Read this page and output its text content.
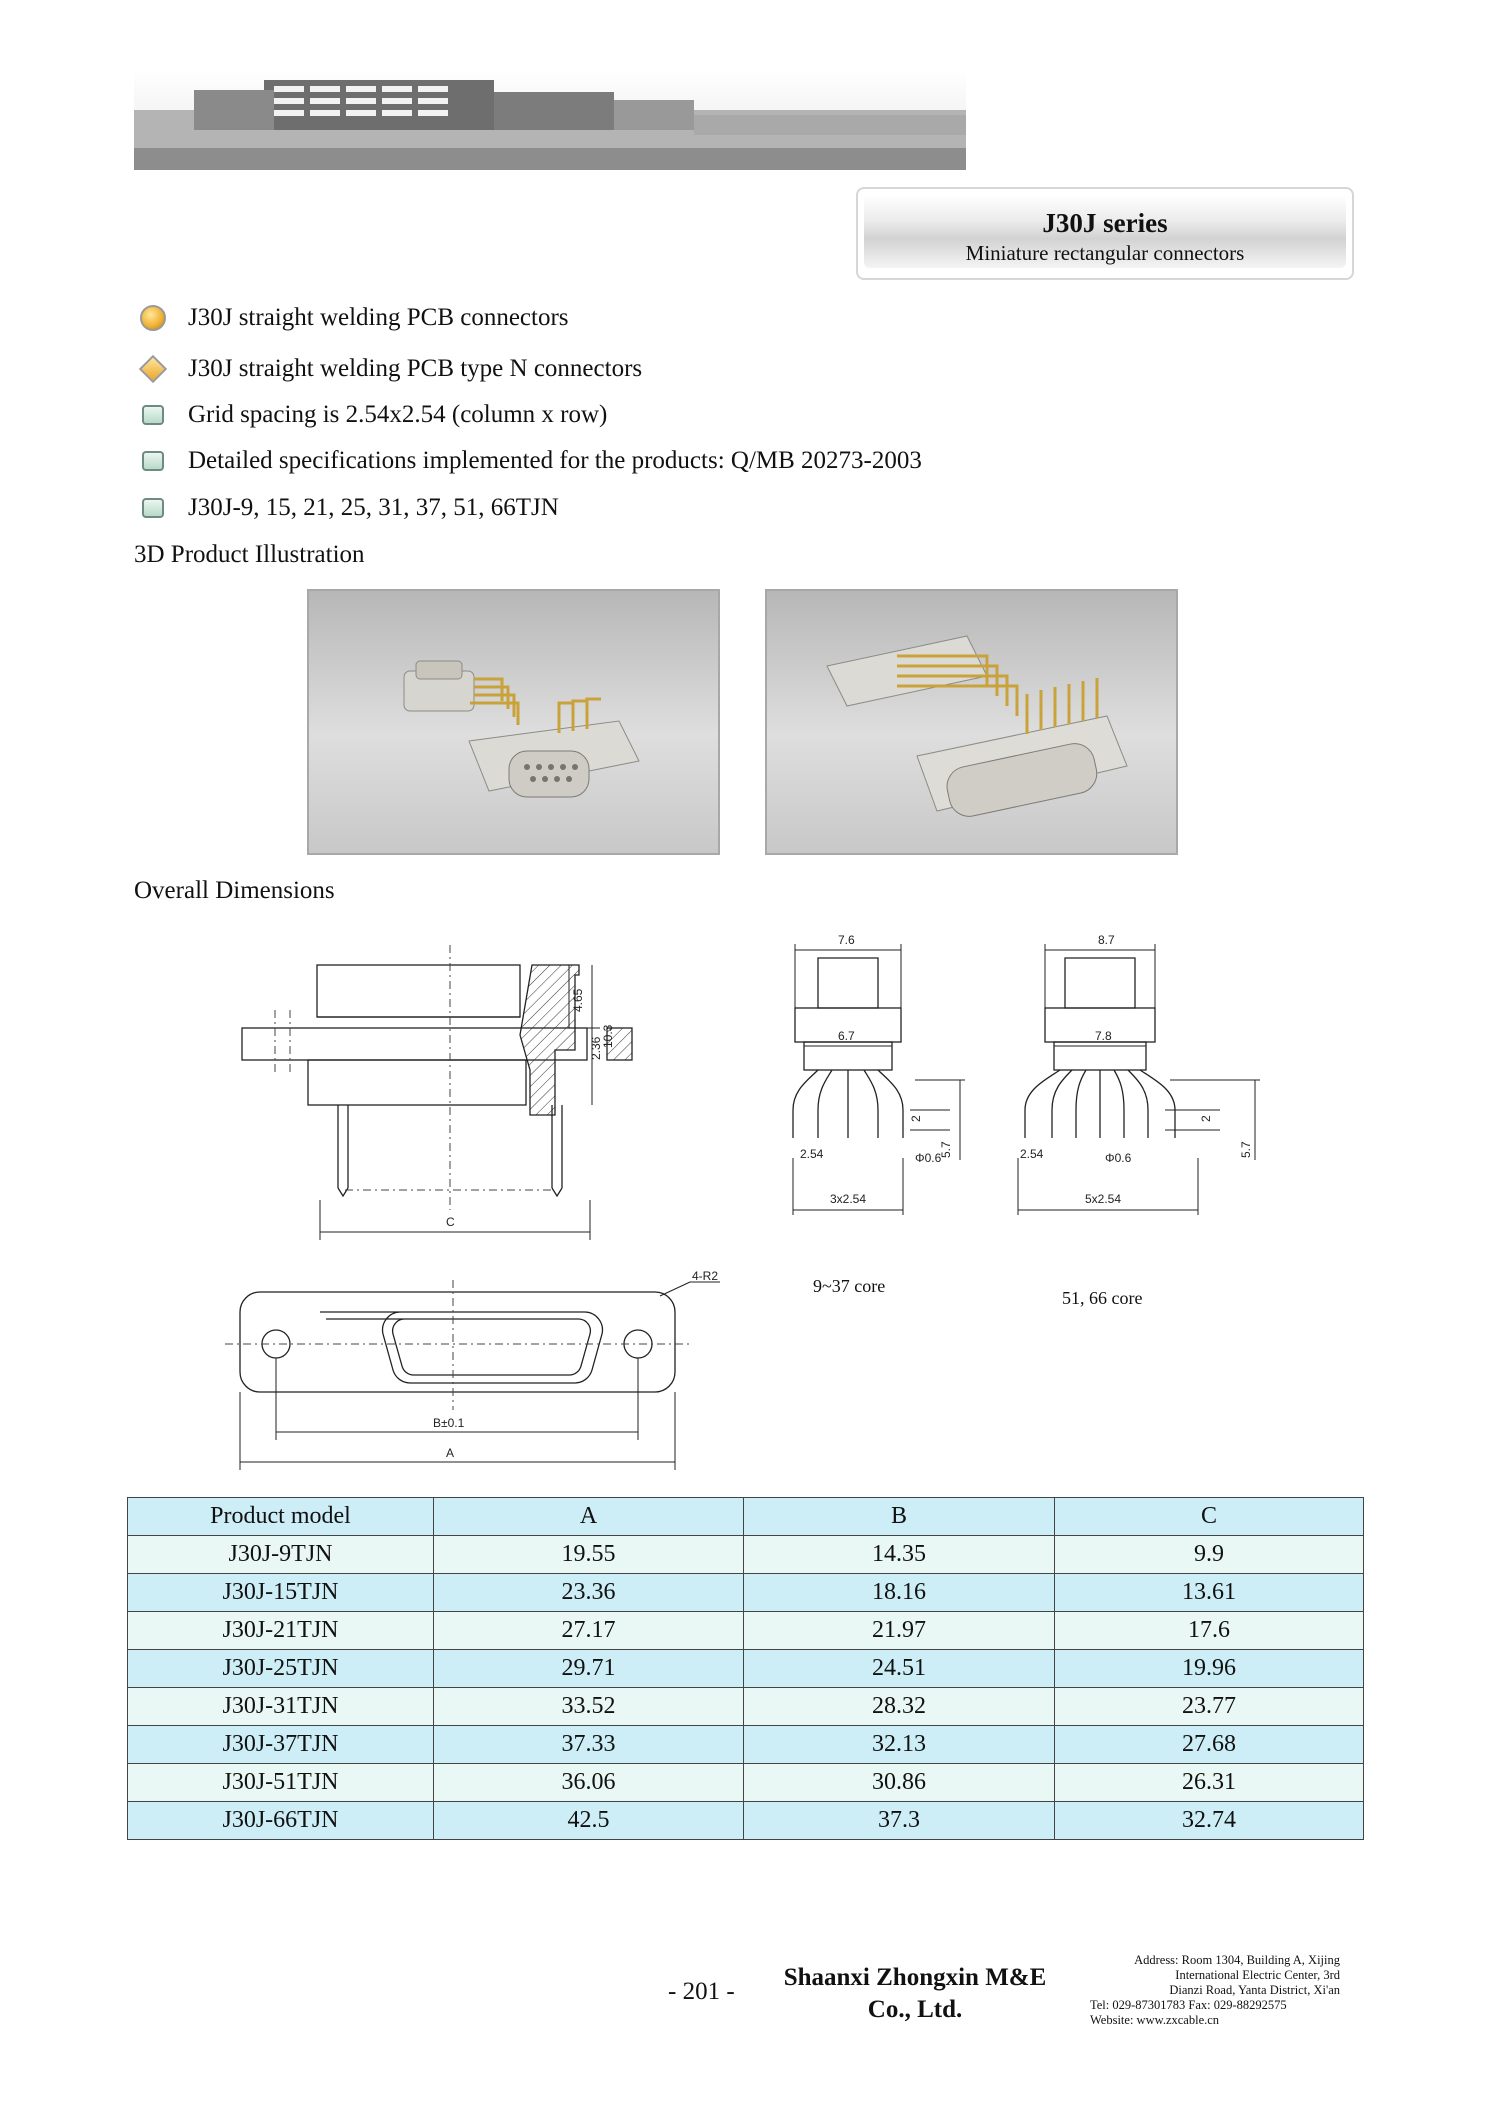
J30J series
Miniature rectangular connectors
J30J straight welding PCB connectors
J30J straight welding PCB type N connectors
Grid spacing is 2.54x2.54 (column x row)
Detailed specifications implemented for the products: Q/MB 20273-2003
J30J-9, 15, 21, 25, 31, 37, 51, 66TJN
3D Product Illustration
Overall Dimensions
4.65
2.36
10.3
C
4-R2
B±0.1
A
7.6
6.7
2
5.7
2.54	Φ0.6
3x2.54
8.7
7.8
2
5.7
2.54	Φ0.6
5x2.54
9~37 core
51, 66 core
Product model	A	B	C
J30J-9TJN	19.55	14.35	9.9
J30J-15TJN	23.36	18.16	13.61
J30J-21TJN	27.17	21.97	17.6
J30J-25TJN	29.71	24.51	19.96
J30J-31TJN	33.52	28.32	23.77
J30J-37TJN	37.33	32.13	27.68
J30J-51TJN	36.06	30.86	26.31
J30J-66TJN	42.5	37.3	32.74
- 201 -
Shaanxi Zhongxin M&E
Co., Ltd.
Address: Room 1304, Building A, Xijing
International Electric Center, 3rd
Dianzi Road, Yanta District, Xi'an
Tel: 029-87301783 Fax: 029-88292575
Website: www.zxcable.cn
